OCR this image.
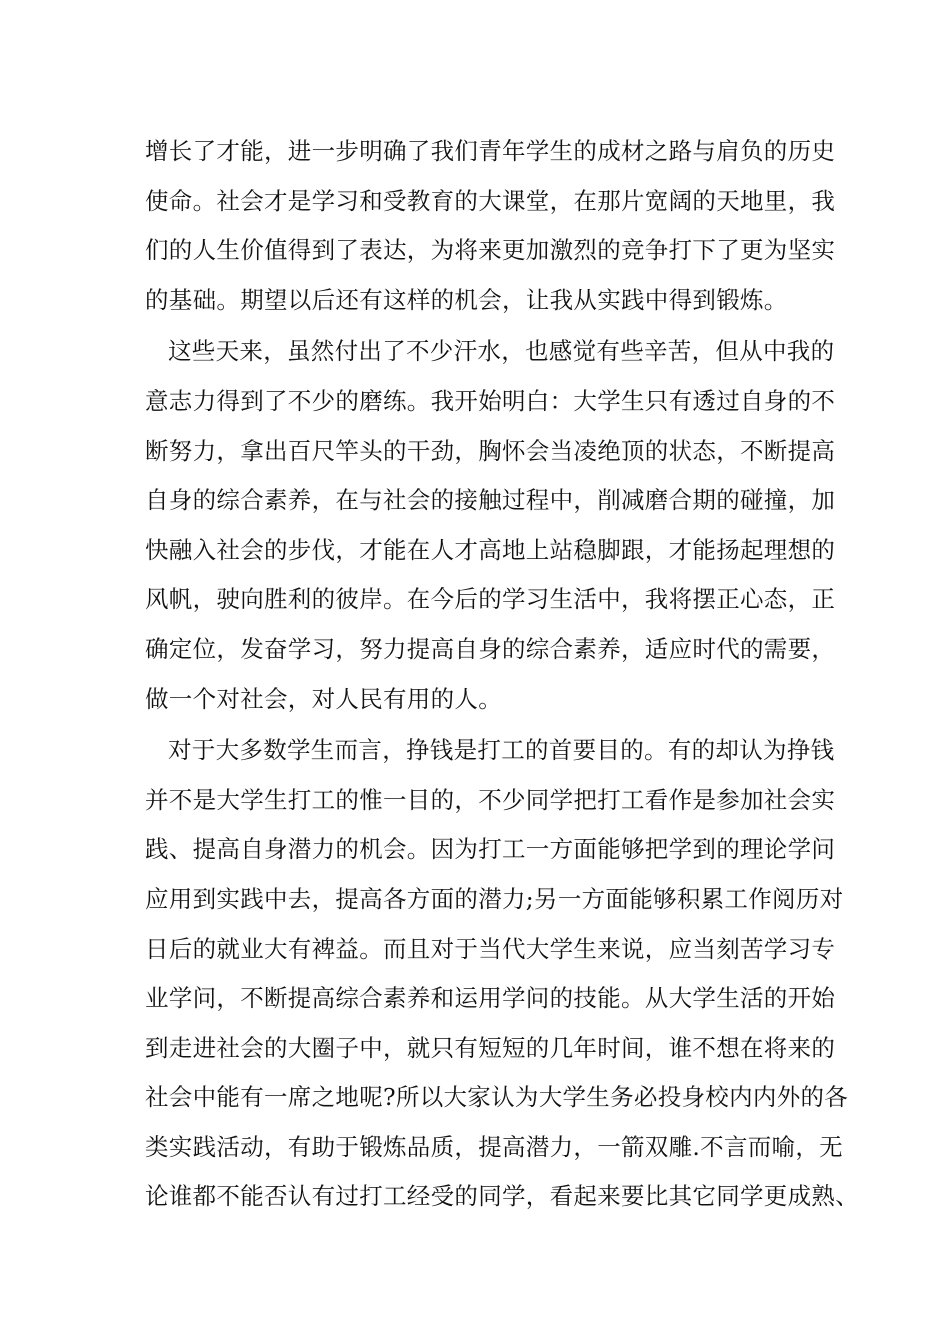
增长了才能，进一步明确了我们青年学生的成材之路与肩负的历史
使命。社会才是学习和受教育的大课堂，在那片宽阔的天地里，我
们的人生价值得到了表达，为将来更加激烈的竞争打下了更为坚实
的基础。期望以后还有这样的机会，让我从实践中得到锻炼。
这些天来，虽然付出了不少汗水，也感觉有些辛苦，但从中我的
意志力得到了不少的磨练。我开始明白：大学生只有透过自身的不
断努力，拿出百尺竿头的干劲，胸怀会当凌绝顶的状态，不断提高
自身的综合素养，在与社会的接触过程中，削减磨合期的碰撞，加
快融入社会的步伐，才能在人才高地上站稳脚跟，才能扬起理想的
风帆，驶向胜利的彼岸。在今后的学习生活中，我将摆正心态，正
确定位，发奋学习，努力提高自身的综合素养，适应时代的需要，
做一个对社会，对人民有用的人。
对于大多数学生而言，挣钱是打工的首要目的。有的却认为挣钱
并不是大学生打工的惟一目的，不少同学把打工看作是参加社会实
践、提高自身潜力的机会。因为打工一方面能够把学到的理论学问
应用到实践中去，提高各方面的潜力;另一方面能够积累工作阅历对
日后的就业大有裨益。而且对于当代大学生来说，应当刻苦学习专
业学问，不断提高综合素养和运用学问的技能。从大学生活的开始
到走进社会的大圈子中，就只有短短的几年时间，谁不想在将来的
社会中能有一席之地呢?所以大家认为大学生务必投身校内内外的各
类实践活动，有助于锻炼品质，提高潜力，一箭双雕.不言而喻，无
论谁都不能否认有过打工经受的同学，看起来要比其它同学更成熟、
